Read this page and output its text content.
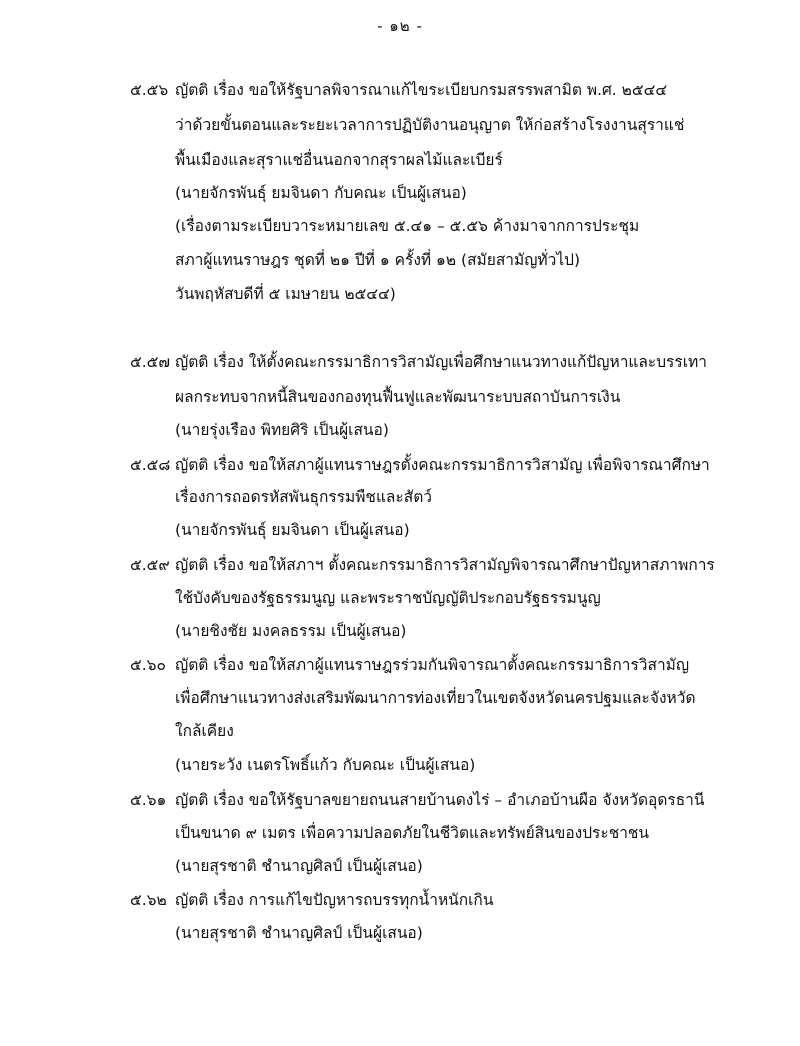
- ๑๒ -
๕.๕๖ ญัตติ เรื่อง ขอให้รัฐบาลพิจารณาแก้ไขระเบียบกรมสรรพสามิต พ.ศ. ๒๕๔๔
ว่าด้วยขั้นตอนและระยะเวลาการปฏิบัติงานอนุญาต ให้ก่อสร้างโรงงานสุราแช่
พื้นเมืองและสุราแช่อื่นนอกจากสุราผลไม้และเบียร์
(นายจักรพันธุ์ ยมจินดา กับคณะ เป็นผู้เสนอ)
(เรื่องตามระเบียบวาระหมายเลข ๕.๔๑ – ๕.๕๖ ค้างมาจากการประชุม
สภาผู้แทนราษฎร ชุดที่ ๒๑ ปีที่ ๑ ครั้งที่ ๑๒ (สมัยสามัญทั่วไป)
วันพฤหัสบดีที่ ๕ เมษายน ๒๕๔๔)
๕.๕๗ ญัตติ เรื่อง ให้ตั้งคณะกรรมาธิการวิสามัญเพื่อศึกษาแนวทางแก้ปัญหาและบรรเทา
ผลกระทบจากหนี้สินของกองทุนฟื้นฟูและพัฒนาระบบสถาบันการเงิน
(นายรุ่งเรือง พิทยศิริ เป็นผู้เสนอ)
๕.๕๘ ญัตติ เรื่อง ขอให้สภาผู้แทนราษฎรตั้งคณะกรรมาธิการวิสามัญ เพื่อพิจารณาศึกษา
เรื่องการถอดรหัสพันธุกรรมพืชและสัตว์
(นายจักรพันธุ์ ยมจินดา เป็นผู้เสนอ)
๕.๕๙ ญัตติ เรื่อง ขอให้สภาฯ ตั้งคณะกรรมาธิการวิสามัญพิจารณาศึกษาปัญหาสภาพการ
ใช้บังคับของรัฐธรรมนูญ และพระราชบัญญัติประกอบรัฐธรรมนูญ
(นายชิงชัย มงคลธรรม เป็นผู้เสนอ)
๕.๖๐ ญัตติ เรื่อง ขอให้สภาผู้แทนราษฎรร่วมกันพิจารณาตั้งคณะกรรมาธิการวิสามัญ
เพื่อศึกษาแนวทางส่งเสริมพัฒนาการท่องเที่ยวในเขตจังหวัดนครปฐมและจังหวัด
ใกล้เคียง
(นายระวัง เนตรโพธิ์แก้ว กับคณะ เป็นผู้เสนอ)
๕.๖๑ ญัตติ เรื่อง ขอให้รัฐบาลขยายถนนสายบ้านดงไร่ – อำเภอบ้านผือ จังหวัดอุดรธานี
เป็นขนาด ๙ เมตร เพื่อความปลอดภัยในชีวิตและทรัพย์สินของประชาชน
(นายสุรชาติ ชำนาญศิลป์ เป็นผู้เสนอ)
๕.๖๒ ญัตติ เรื่อง การแก้ไขปัญหารถบรรทุกน้ำหนักเกิน
(นายสุรชาติ ชำนาญศิลป์ เป็นผู้เสนอ)
